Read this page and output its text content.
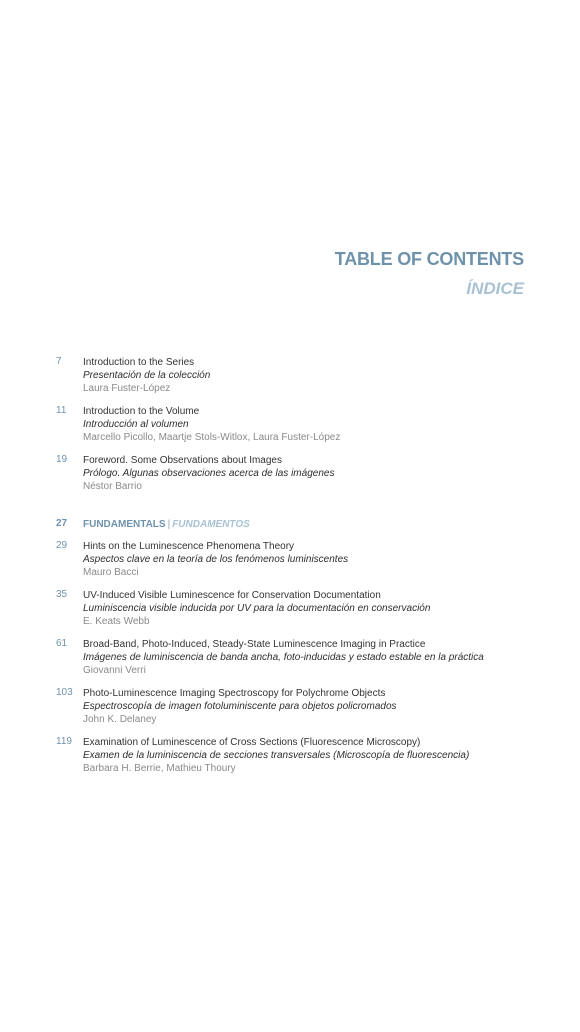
TABLE OF CONTENTS
ÍNDICE
7 Introduction to the Series
Presentación de la colección
Laura Fuster-López
11 Introduction to the Volume
Introducción al volumen
Marcello Picollo, Maartje Stols-Witlox, Laura Fuster-López
19 Foreword. Some Observations about Images
Prólogo. Algunas observaciones acerca de las imágenes
Néstor Barrio
27 FUNDAMENTALS | FUNDAMENTOS
29 Hints on the Luminescence Phenomena Theory
Aspectos clave en la teoría de los fenómenos luminiscentes
Mauro Bacci
35 UV-Induced Visible Luminescence for Conservation Documentation
Luminiscencia visible inducida por UV para la documentación en conservación
E. Keats Webb
61 Broad-Band, Photo-Induced, Steady-State Luminescence Imaging in Practice
Imágenes de luminiscencia de banda ancha, foto-inducidas y estado estable en la práctica
Giovanni Verri
103 Photo-Luminescence Imaging Spectroscopy for Polychrome Objects
Espectroscopía de imagen fotoluminiscente para objetos policromados
John K. Delaney
119 Examination of Luminescence of Cross Sections (Fluorescence Microscopy)
Examen de la luminiscencia de secciones transversales (Microscopía de fluorescencia)
Barbara H. Berrie, Mathieu Thoury
